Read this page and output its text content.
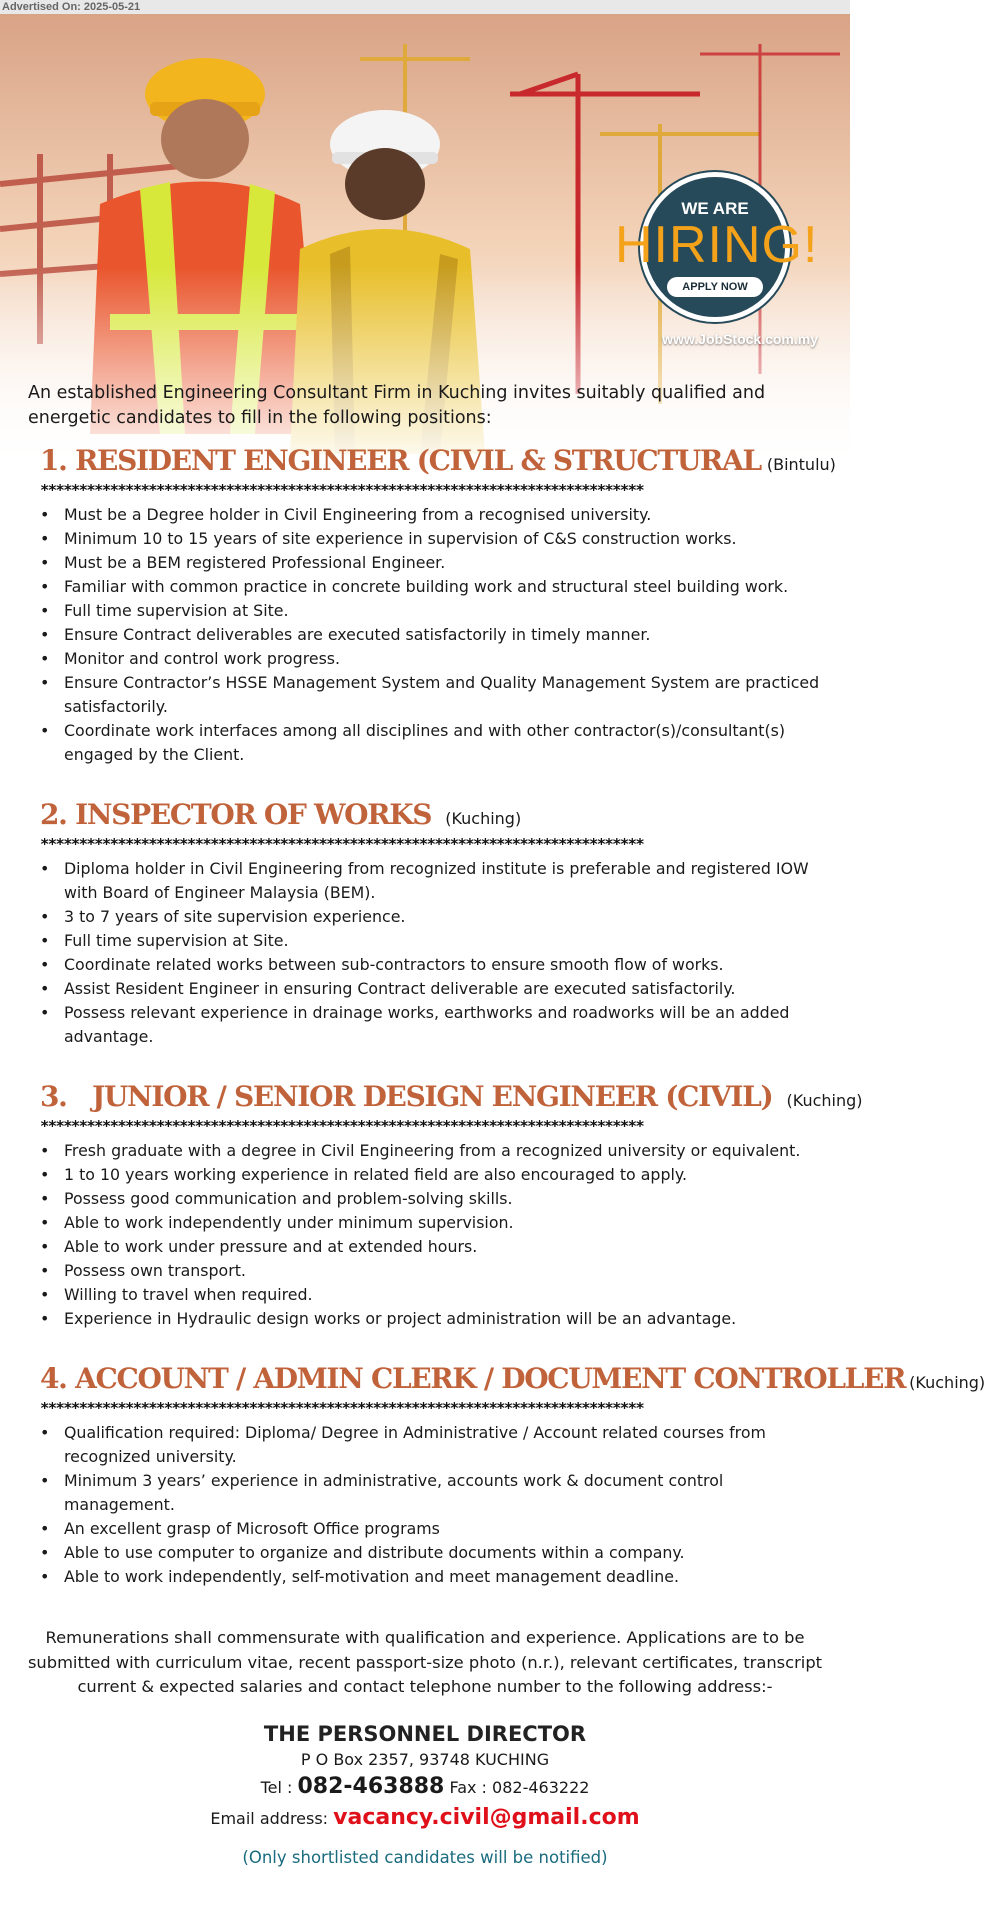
Advertised On: 2025-05-21
WE ARE
HIRING!
APPLY NOW
www.JobStock.com.my
An established Engineering Consultant Firm in Kuching invites suitably qualified and energetic candidates to fill in the following positions:
1. RESIDENT ENGINEER (CIVIL & STRUCTURAL (Bintulu)
******************************************************************************
• Must be a Degree holder in Civil Engineering from a recognised university.
• Minimum 10 to 15 years of site experience in supervision of C&S construction works.
• Must be a BEM registered Professional Engineer.
• Familiar with common practice in concrete building work and structural steel building work.
• Full time supervision at Site.
• Ensure Contract deliverables are executed satisfactorily in timely manner.
• Monitor and control work progress.
• Ensure Contractor’s HSSE Management System and Quality Management System are practiced satisfactorily.
• Coordinate work interfaces among all disciplines and with other contractor(s)/consultant(s) engaged by the Client.
2. INSPECTOR OF WORKS (Kuching)
******************************************************************************
• Diploma holder in Civil Engineering from recognized institute is preferable and registered IOW with Board of Engineer Malaysia (BEM).
• 3 to 7 years of site supervision experience.
• Full time supervision at Site.
• Coordinate related works between sub-contractors to ensure smooth flow of works.
• Assist Resident Engineer in ensuring Contract deliverable are executed satisfactorily.
• Possess relevant experience in drainage works, earthworks and roadworks will be an added advantage.
3.   JUNIOR / SENIOR DESIGN ENGINEER (CIVIL) (Kuching)
******************************************************************************
• Fresh graduate with a degree in Civil Engineering from a recognized university or equivalent.
• 1 to 10 years working experience in related field are also encouraged to apply.
• Possess good communication and problem-solving skills.
• Able to work independently under minimum supervision.
• Able to work under pressure and at extended hours.
• Possess own transport.
• Willing to travel when required.
• Experience in Hydraulic design works or project administration will be an advantage.
4. ACCOUNT / ADMIN CLERK / DOCUMENT CONTROLLER (Kuching)
******************************************************************************
• Qualification required: Diploma/ Degree in Administrative / Account related courses from recognized university.
• Minimum 3 years’ experience in administrative, accounts work & document control management.
• An excellent grasp of Microsoft Office programs
• Able to use computer to organize and distribute documents within a company.
• Able to work independently, self-motivation and meet management deadline.
Remunerations shall commensurate with qualification and experience. Applications are to be submitted with curriculum vitae, recent passport-size photo (n.r.), relevant certificates, transcript current & expected salaries and contact telephone number to the following address:-
THE PERSONNEL DIRECTOR
P O Box 2357, 93748 KUCHING
Tel : 082-463888 Fax : 082-463222
Email address: vacancy.civil@gmail.com
(Only shortlisted candidates will be notified)
